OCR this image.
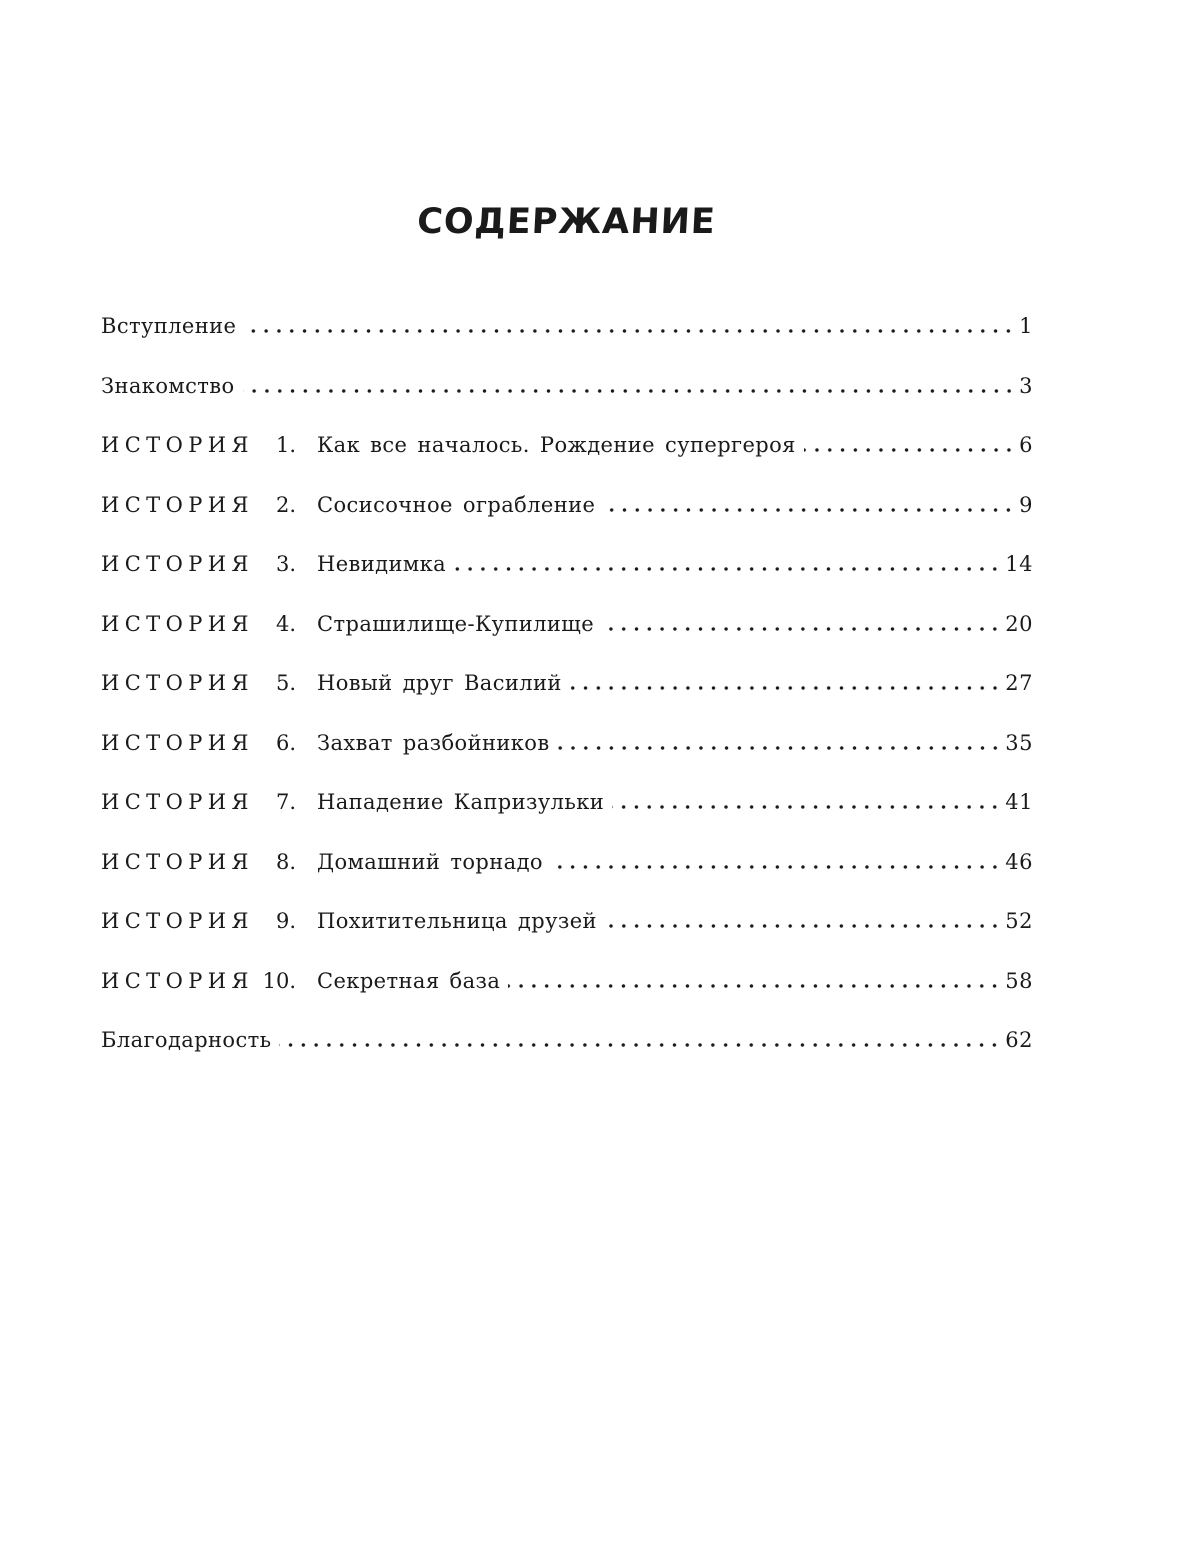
СОДЕРЖАНИЕ
Вступление	1
Знакомство	3
ИСТОРИЯ	1. Как все началось. Рождение супергероя	6
ИСТОРИЯ	2. Сосисочное ограбление	9
ИСТОРИЯ	3. Невидимка	14
ИСТОРИЯ	4. Страшилище-Купилище	20
ИСТОРИЯ	5. Новый друг Василий	27
ИСТОРИЯ	6. Захват разбойников	35
ИСТОРИЯ	7. Нападение Капризульки	41
ИСТОРИЯ	8. Домашний торнадо	46
ИСТОРИЯ	9. Похитительница друзей	52
ИСТОРИЯ 10. Секретная база	58
Благодарность	62
